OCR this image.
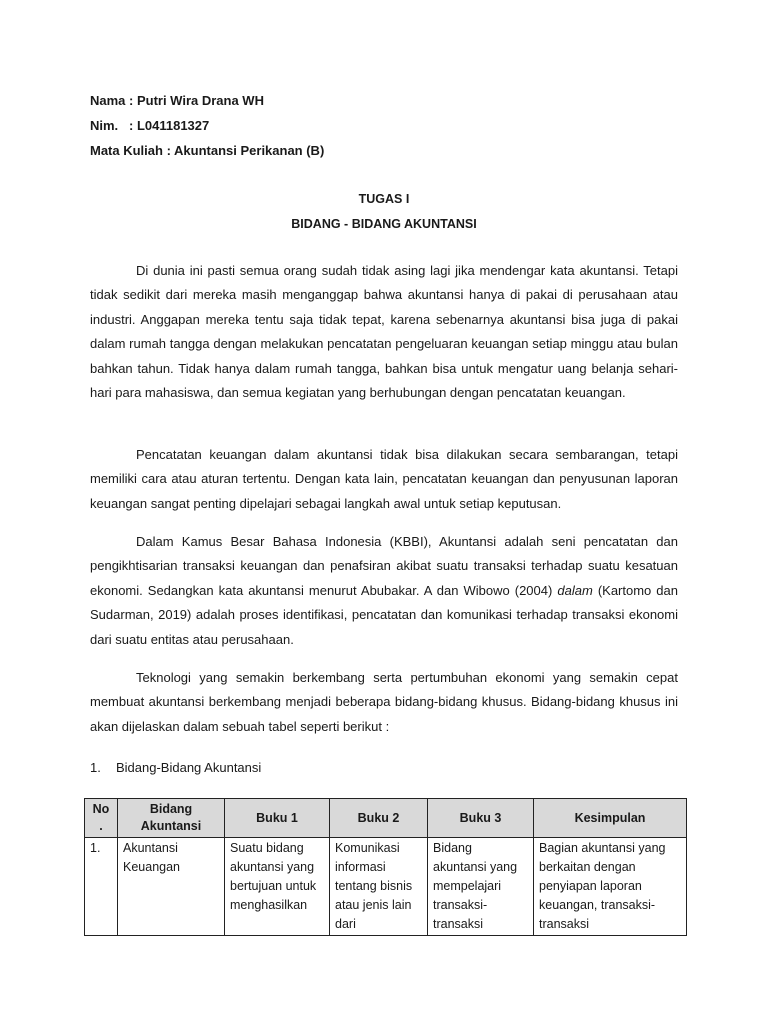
Nama : Putri Wira Drana WH
Nim.   : L041181327
Mata Kuliah : Akuntansi Perikanan (B)
TUGAS I
BIDANG - BIDANG AKUNTANSI
Di dunia ini pasti semua orang sudah tidak asing lagi jika mendengar kata akuntansi. Tetapi tidak sedikit dari mereka masih menganggap bahwa akuntansi hanya di pakai di perusahaan atau industri. Anggapan mereka tentu saja tidak tepat, karena sebenarnya akuntansi bisa juga di pakai dalam rumah tangga dengan melakukan pencatatan pengeluaran keuangan setiap minggu atau bulan bahkan tahun. Tidak hanya dalam rumah tangga, bahkan bisa untuk mengatur uang belanja sehari-hari para mahasiswa, dan semua kegiatan yang berhubungan dengan pencatatan keuangan.
Pencatatan keuangan dalam akuntansi tidak bisa dilakukan secara sembarangan, tetapi memiliki cara atau aturan tertentu. Dengan kata lain, pencatatan keuangan dan penyusunan laporan keuangan sangat penting dipelajari sebagai langkah awal untuk setiap keputusan.
Dalam Kamus Besar Bahasa Indonesia (KBBI), Akuntansi adalah seni pencatatan dan pengikhtisarian transaksi keuangan dan penafsiran akibat suatu transaksi terhadap suatu kesatuan ekonomi. Sedangkan kata akuntansi menurut Abubakar. A dan Wibowo (2004) dalam (Kartomo dan Sudarman, 2019) adalah proses identifikasi, pencatatan dan komunikasi terhadap transaksi ekonomi dari suatu entitas atau perusahaan.
Teknologi yang semakin berkembang serta pertumbuhan ekonomi yang semakin cepat membuat akuntansi berkembang menjadi beberapa bidang-bidang khusus. Bidang-bidang khusus ini akan dijelaskan dalam sebuah tabel seperti berikut :
1. Bidang-Bidang Akuntansi
No .	Bidang Akuntansi	Buku 1	Buku 2	Buku 3	Kesimpulan

1.	Akuntansi Keuangan	Suatu bidang akuntansi yang bertujuan untuk menghasilkan	Komunikasi informasi tentang bisnis atau jenis lain dari	Bidang akuntansi yang mempelajari transaksi-transaksi	Bagian akuntansi yang berkaitan dengan penyiapan laporan keuangan, transaksi-transaksi
